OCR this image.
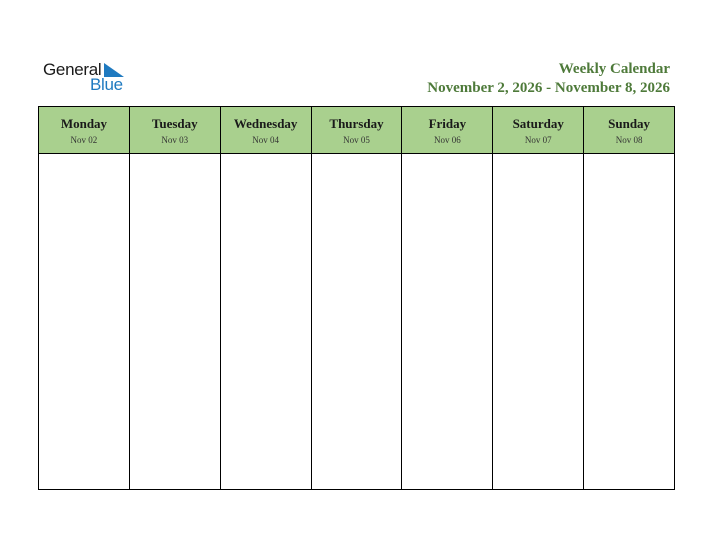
General
Blue
Weekly Calendar
November 2, 2026 - November 8, 2026
Monday
Nov 02
Tuesday
Nov 03
Wednesday
Nov 04
Thursday
Nov 05
Friday
Nov 06
Saturday
Nov 07
Sunday
Nov 08
